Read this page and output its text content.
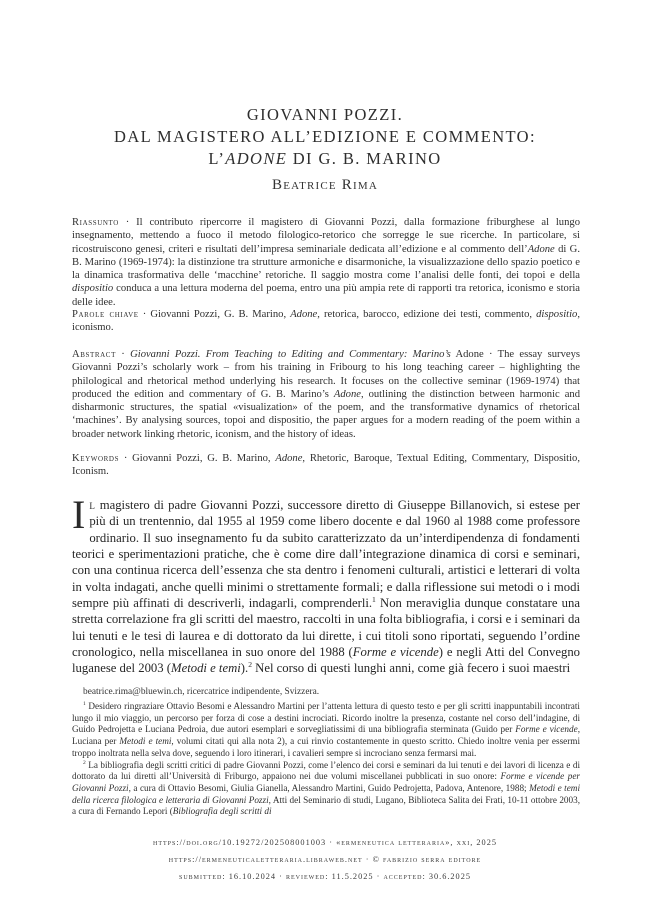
GIOVANNI POZZI.
DAL MAGISTERO ALL’EDIZIONE E COMMENTO:
L’ADONE DI G. B. MARINO
Beatrice Rima
Riassunto · Il contributo ripercorre il magistero di Giovanni Pozzi, dalla formazione friburghese al lungo insegnamento, mettendo a fuoco il metodo filologico-retorico che sorregge le sue ricerche. In particolare, si ricostruiscono genesi, criteri e risultati dell’impresa seminariale dedicata all’edizione e al commento dell’Adone di G. B. Marino (1969-1974): la distinzione tra strutture armoniche e disarmoniche, la visualizzazione dello spazio poetico e la dinamica trasformativa delle ‘macchine’ retoriche. Il saggio mostra come l’analisi delle fonti, dei topoi e della dispositio conduca a una lettura moderna del poema, entro una più ampia rete di rapporti tra retorica, iconismo e storia delle idee.
Parole chiave · Giovanni Pozzi, G. B. Marino, Adone, retorica, barocco, edizione dei testi, commento, dispositio, iconismo.
Abstract · Giovanni Pozzi. From Teaching to Editing and Commentary: Marino’s Adone · The essay surveys Giovanni Pozzi’s scholarly work – from his training in Fribourg to his long teaching career – highlighting the philological and rhetorical method underlying his research. It focuses on the collective seminar (1969-1974) that produced the edition and commentary of G. B. Marino’s Adone, outlining the distinction between harmonic and disharmonic structures, the spatial «visualization» of the poem, and the transformative dynamics of rhetorical ‘machines’. By analysing sources, topoi and dispositio, the paper argues for a modern reading of the poem within a broader network linking rhetoric, iconism, and the history of ideas.
Keywords · Giovanni Pozzi, G. B. Marino, Adone, Rhetoric, Baroque, Textual Editing, Commentary, Dispositio, Iconism.
Il magistero di padre Giovanni Pozzi, successore diretto di Giuseppe Billanovich, si estese per più di un trentennio, dal 1955 al 1959 come libero docente e dal 1960 al 1988 come professore ordinario. Il suo insegnamento fu da subito caratterizzato da un’interdipendenza di fondamenti teorici e sperimentazioni pratiche, che è come dire dall’integrazione dinamica di corsi e seminari, con una continua ricerca dell’essenza che sta dentro i fenomeni culturali, artistici e letterari di volta in volta indagati, anche quelli minimi o strettamente formali; e dalla riflessione sui metodi o i modi sempre più affinati di descriverli, indagarli, comprenderli.$^1$ Non meraviglia dunque constatare una stretta correlazione fra gli scritti del maestro, raccolti in una folta bibliografia, i corsi e i seminari da lui tenuti e le tesi di laurea e di dottorato da lui dirette, i cui titoli sono riportati, seguendo l’ordine cronologico, nella miscellanea in suo onore del 1988 (Forme e vicende) e negli Atti del Convegno luganese del 2003 (Metodi e temi).$^2$ Nel corso di questi lunghi anni, come già fecero i suoi maestri
beatrice.rima@bluewin.ch, ricercatrice indipendente, Svizzera.

$^1$ Desidero ringraziare Ottavio Besomi e Alessandro Martini per l’attenta lettura di questo testo e per gli scritti inappuntabili incontrati lungo il mio viaggio, un percorso per forza di cose a destini incrociati. Ricordo inoltre la presenza, costante nel corso dell’indagine, di Guido Pedrojetta e Luciana Pedroia, due autori esemplari e sorvegliatissimi di una bibliografia sterminata (Guido per Forme e vicende, Luciana per Metodi e temi, volumi citati qui alla nota 2), a cui rinvio costantemente in questo scritto. Chiedo inoltre venia per essermi troppo inoltrata nella selva dove, seguendo i loro itinerari, i cavalieri sempre si incrociano senza fermarsi mai.

$^2$ La bibliografia degli scritti critici di padre Giovanni Pozzi, come l’elenco dei corsi e seminari da lui tenuti e dei lavori di licenza e di dottorato da lui diretti all’Università di Friburgo, appaiono nei due volumi miscellanei pubblicati in suo onore: Forme e vicende per Giovanni Pozzi, a cura di Ottavio Besomi, Giulia Gianella, Alessandro Martini, Guido Pedrojetta, Padova, Antenore, 1988; Metodi e temi della ricerca filologica e letteraria di Giovanni Pozzi, Atti del Seminario di studi, Lugano, Biblioteca Salita dei Frati, 10-11 ottobre 2003, a cura di Fernando Lepori (Bibliografia degli scritti di

https://doi.org/10.19272/202508001003 · «ermeneutica letteraria», xxi, 2025
https://ermeneuticaletteraria.libraweb.net · © fabrizio serra editore
submitted: 16.10.2024 · reviewed: 11.5.2025 · accepted: 30.6.2025
